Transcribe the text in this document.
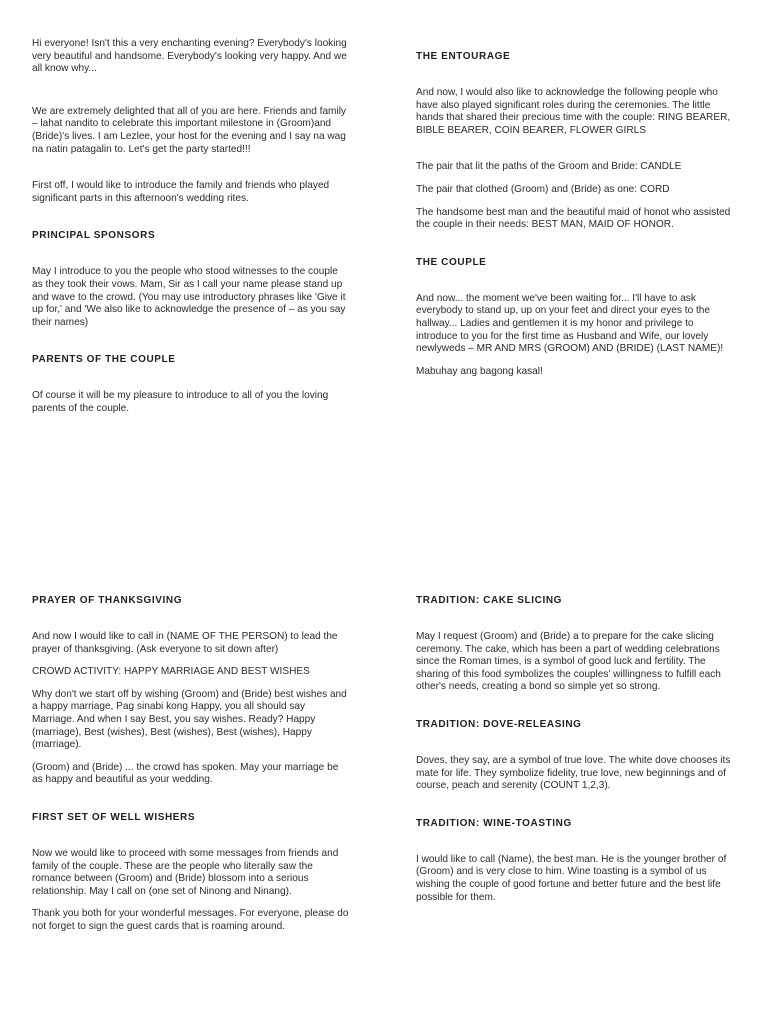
Hi everyone! Isn't this a very enchanting evening? Everybody's looking very beautiful and handsome. Everybody's looking very happy. And we all know why...

We are extremely delighted that all of you are here. Friends and family – lahat nandito to celebrate this important milestone in (Groom)and (Bride)'s lives. I am Lezlee, your host for the evening and I say na wag na natin patagalin to. Let's get the party started!!!

First off, I would like to introduce the family and friends who played significant parts in this afternoon's wedding rites.

PRINCIPAL SPONSORS

May I introduce to you the people who stood witnesses to the couple as they took their vows. Mam, Sir as I call your name please stand up and wave to the crowd. (You may use introductory phrases like 'Give it up for,' and 'We also like to acknowledge the presence of – as you say their names)

PARENTS OF THE COUPLE

Of course it will be my pleasure to introduce to all of you the loving parents of the couple.

THE ENTOURAGE

And now, I would also like to acknowledge the following people who have also played significant roles during the ceremonies. The little hands that shared their precious time with the couple: RING BEARER, BIBLE BEARER, COIN BEARER, FLOWER GIRLS

The pair that lit the paths of the Groom and Bride: CANDLE

The pair that clothed (Groom) and (Bride) as one: CORD

The handsome best man and the beautiful maid of honot who assisted the couple in their needs: BEST MAN, MAID OF HONOR.

THE COUPLE

And now... the moment we've been waiting for... I'll have to ask everybody to stand up, up on your feet and direct your eyes to the hallway... Ladies and gentlemen it is my honor and privilege to introduce to you for the first time as Husband and Wife, our lovely newlyweds – MR AND MRS (GROOM) AND (BRIDE) (LAST NAME)!

Mabuhay ang bagong kasal!

PRAYER OF THANKSGIVING

And now I would like to call in (NAME OF THE PERSON) to lead the prayer of thanksgiving. (Ask everyone to sit down after)

CROWD ACTIVITY: HAPPY MARRIAGE AND BEST WISHES

Why don't we start off by wishing (Groom) and (Bride) best wishes and a happy marriage, Pag sinabi kong Happy, you all should say Marriage. And when I say Best, you say wishes. Ready? Happy (marriage), Best (wishes), Best (wishes), Best (wishes), Happy (marriage).

(Groom) and (Bride) ... the crowd has spoken. May your marriage be as happy and beautiful as your wedding.

FIRST SET OF WELL WISHERS

Now we would like to proceed with some messages from friends and family of the couple. These are the people who literally saw the romance between (Groom) and (Bride) blossom into a serious relationship. May I call on (one set of Ninong and Ninang).

Thank you both for your wonderful messages. For everyone, please do not forget to sign the guest cards that is roaming around.

TRADITION: CAKE SLICING

May I request (Groom) and (Bride) a to prepare for the cake slicing ceremony. The cake, which has been a part of wedding celebrations since the Roman times, is a symbol of good luck and fertility. The sharing of this food symbolizes the couples' willingness to fulfill each other's needs, creating a bond so simple yet so strong.

TRADITION: DOVE-RELEASING

Doves, they say, are a symbol of true love. The white dove chooses its mate for life. They symbolize fidelity, true love, new beginnings and of course, peach and serenity (COUNT 1,2,3).

TRADITION: WINE-TOASTING

I would like to call (Name), the best man. He is the younger brother of (Groom) and is very close to him. Wine toasting is a symbol of us wishing the couple of good fortune and better future and the best life possible for them.
